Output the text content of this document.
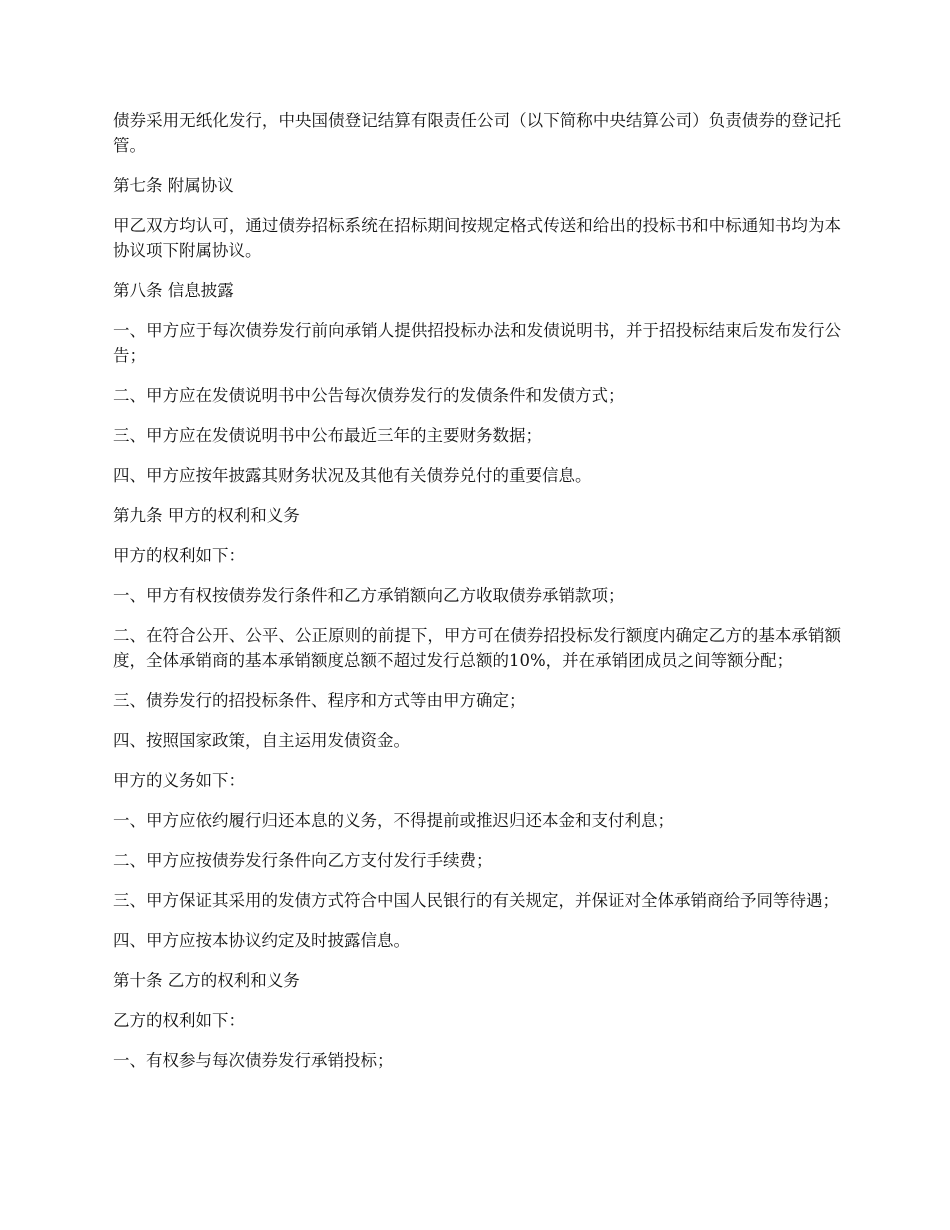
债券采用无纸化发行，中央国债登记结算有限责任公司（以下简称中央结算公司）负责债券的登记托管。

第七条 附属协议

甲乙双方均认可，通过债券招标系统在招标期间按规定格式传送和给出的投标书和中标通知书均为本协议项下附属协议。

第八条 信息披露

一、甲方应于每次债券发行前向承销人提供招投标办法和发债说明书，并于招投标结束后发布发行公告；

二、甲方应在发债说明书中公告每次债券发行的发债条件和发债方式；

三、甲方应在发债说明书中公布最近三年的主要财务数据；

四、甲方应按年披露其财务状况及其他有关债券兑付的重要信息。

第九条 甲方的权利和义务

甲方的权利如下：

一、甲方有权按债券发行条件和乙方承销额向乙方收取债券承销款项；

二、在符合公开、公平、公正原则的前提下，甲方可在债券招投标发行额度内确定乙方的基本承销额度，全体承销商的基本承销额度总额不超过发行总额的10%，并在承销团成员之间等额分配；

三、债券发行的招投标条件、程序和方式等由甲方确定；

四、按照国家政策，自主运用发债资金。

甲方的义务如下：

一、甲方应依约履行归还本息的义务，不得提前或推迟归还本金和支付利息；

二、甲方应按债券发行条件向乙方支付发行手续费；

三、甲方保证其采用的发债方式符合中国人民银行的有关规定，并保证对全体承销商给予同等待遇；

四、甲方应按本协议约定及时披露信息。

第十条 乙方的权利和义务

乙方的权利如下：

一、有权参与每次债券发行承销投标；
